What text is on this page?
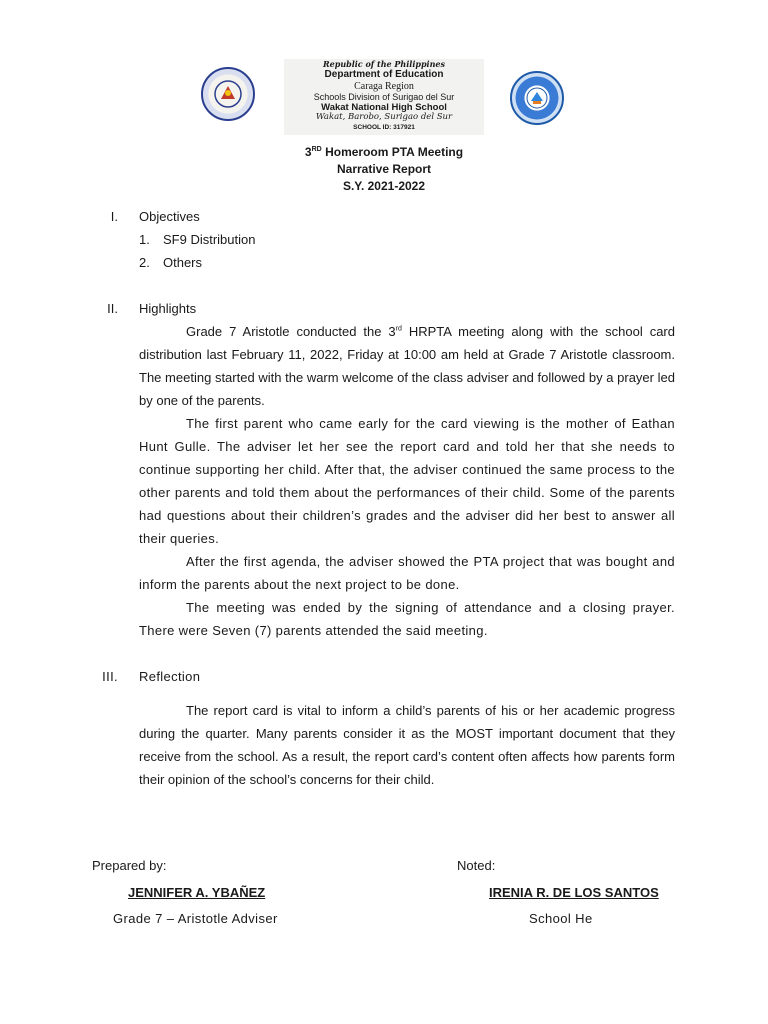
Republic of the Philippines
Department of Education
Caraga Region
Schools Division of Surigao del Sur
Wakat National High School
Wakat, Barobo, Surigao del Sur
SCHOOL ID: 317921
3RD Homeroom PTA Meeting
Narrative Report
S.Y. 2021-2022
I. Objectives
1. SF9 Distribution
2. Others
II. Highlights

Grade 7 Aristotle conducted the 3rd HRPTA meeting along with the school card distribution last February 11, 2022, Friday at 10:00 am held at Grade 7 Aristotle classroom. The meeting started with the warm welcome of the class adviser and followed by a prayer led by one of the parents.

The first parent who came early for the card viewing is the mother of Eathan Hunt Gulle. The adviser let her see the report card and told her that she needs to continue supporting her child. After that, the adviser continued the same process to the other parents and told them about the performances of their child. Some of the parents had questions about their children’s grades and the adviser did her best to answer all their queries.

After the first agenda, the adviser showed the PTA project that was bought and inform the parents about the next project to be done.

The meeting was ended by the signing of attendance and a closing prayer. There were Seven (7) parents attended the said meeting.

III. Reflection

The report card is vital to inform a child’s parents of his or her academic progress during the quarter. Many parents consider it as the MOST important document that they receive from the school. As a result, the report card’s content often affects how parents form their opinion of the school’s concerns for their child.

Prepared by:
JENNIFER A. YBAÑEZ
Grade 7 – Aristotle Adviser
Noted:
IRENIA R. DE LOS SANTOS
School He
